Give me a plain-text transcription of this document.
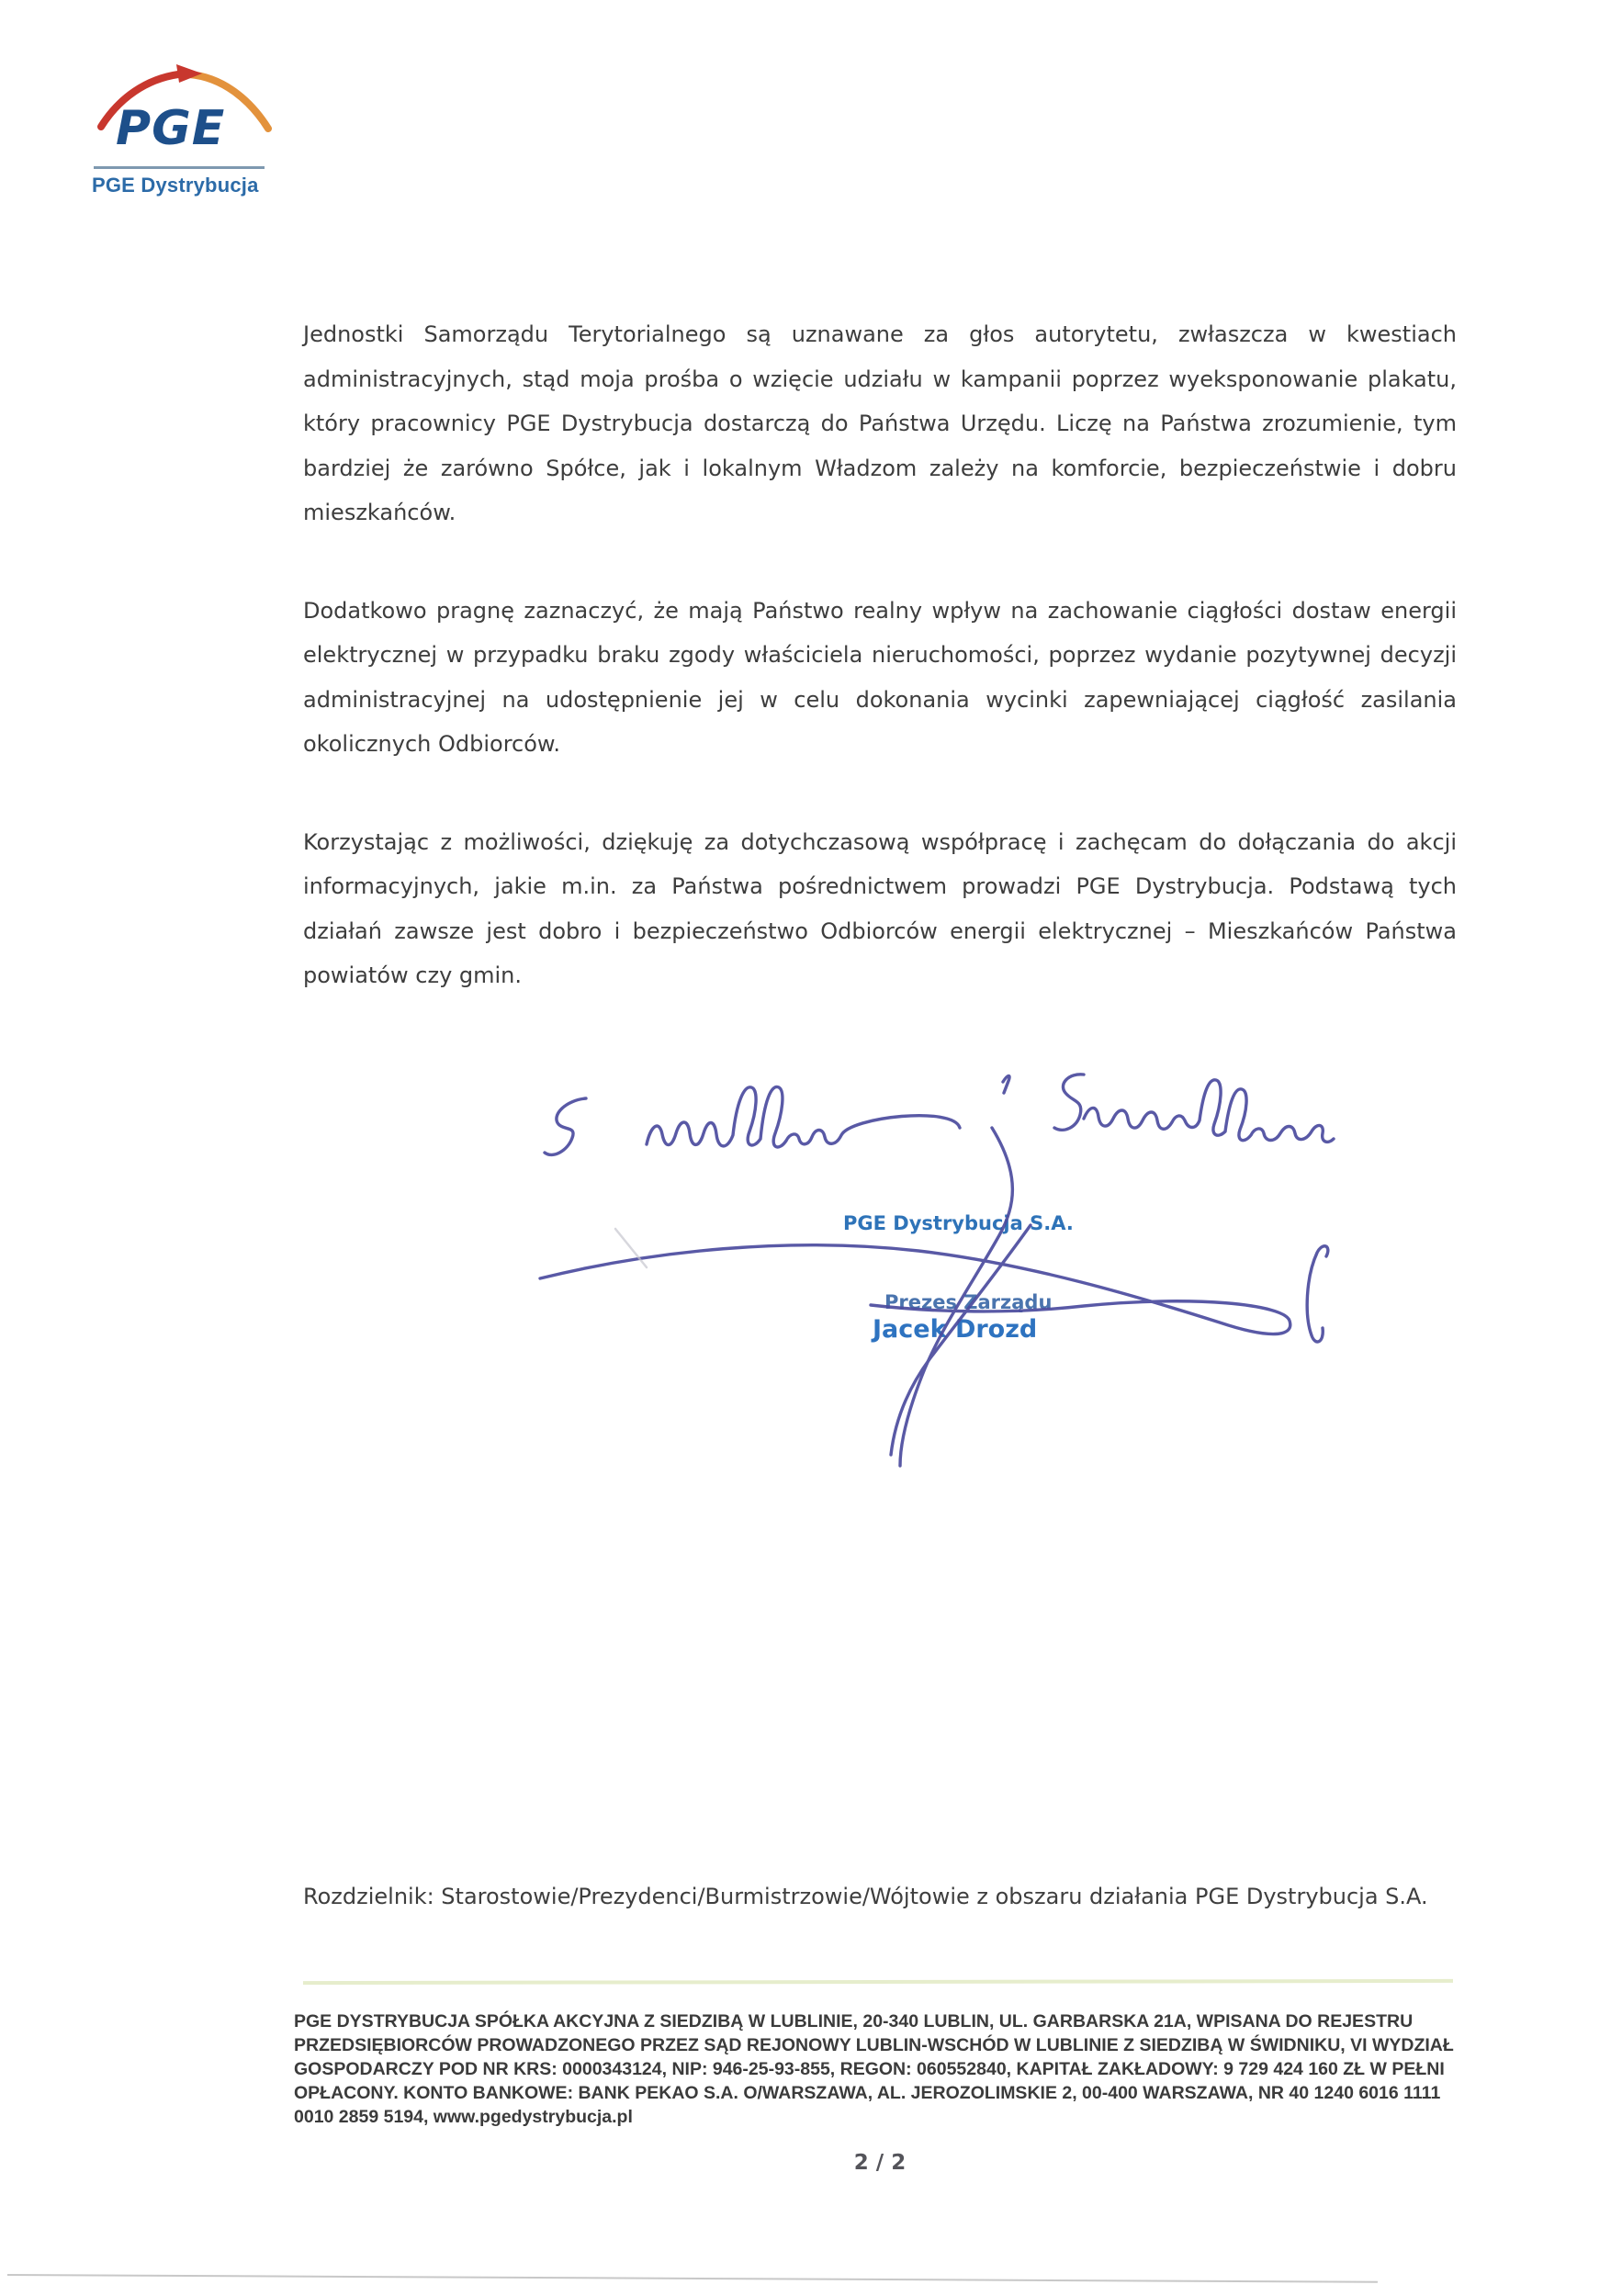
PGE
PGE Dystrybucja

Jednostki Samorządu Terytorialnego są uznawane za głos autorytetu, zwłaszcza w kwestiach administracyjnych, stąd moja prośba o wzięcie udziału w kampanii poprzez wyeksponowanie plakatu, który pracownicy PGE Dystrybucja dostarczą do Państwa Urzędu. Liczę na Państwa zrozumienie, tym bardziej że zarówno Spółce, jak i lokalnym Władzom zależy na komforcie, bezpieczeństwie i dobru mieszkańców.

Dodatkowo pragnę zaznaczyć, że mają Państwo realny wpływ na zachowanie ciągłości dostaw energii elektrycznej w przypadku braku zgody właściciela nieruchomości, poprzez wydanie pozytywnej decyzji administracyjnej na udostępnienie jej w celu dokonania wycinki zapewniającej ciągłość zasilania okolicznych Odbiorców.

Korzystając z możliwości, dziękuję za dotychczasową współpracę i zachęcam do dołączania do akcji informacyjnych, jakie m.in. za Państwa pośrednictwem prowadzi PGE Dystrybucja. Podstawą tych działań zawsze jest dobro i bezpieczeństwo Odbiorców energii elektrycznej – Mieszkańców Państwa powiatów czy gmin.

PGE Dystrybucja S.A.
Prezes Zarządu
Jacek Drozd
Rozdzielnik: Starostowie/Prezydenci/Burmistrzowie/Wójtowie z obszaru działania PGE Dystrybucja S.A.
PGE DYSTRYBUCJA SPÓŁKA AKCYJNA Z SIEDZIBĄ W LUBLINIE, 20-340 LUBLIN, UL. GARBARSKA 21A, WPISANA DO REJESTRU
PRZEDSIĘBIORCÓW PROWADZONEGO PRZEZ SĄD REJONOWY LUBLIN-WSCHÓD W LUBLINIE Z SIEDZIBĄ W ŚWIDNIKU, VI WYDZIAŁ
GOSPODARCZY POD NR KRS: 0000343124, NIP: 946-25-93-855, REGON: 060552840, KAPITAŁ ZAKŁADOWY: 9 729 424 160 ZŁ W PEŁNI
OPŁACONY. KONTO BANKOWE: BANK PEKAO S.A. O/WARSZAWA, AL. JEROZOLIMSKIE 2, 00-400 WARSZAWA, NR 40 1240 6016 1111
0010 2859 5194, www.pgedystrybucja.pl
2 / 2
